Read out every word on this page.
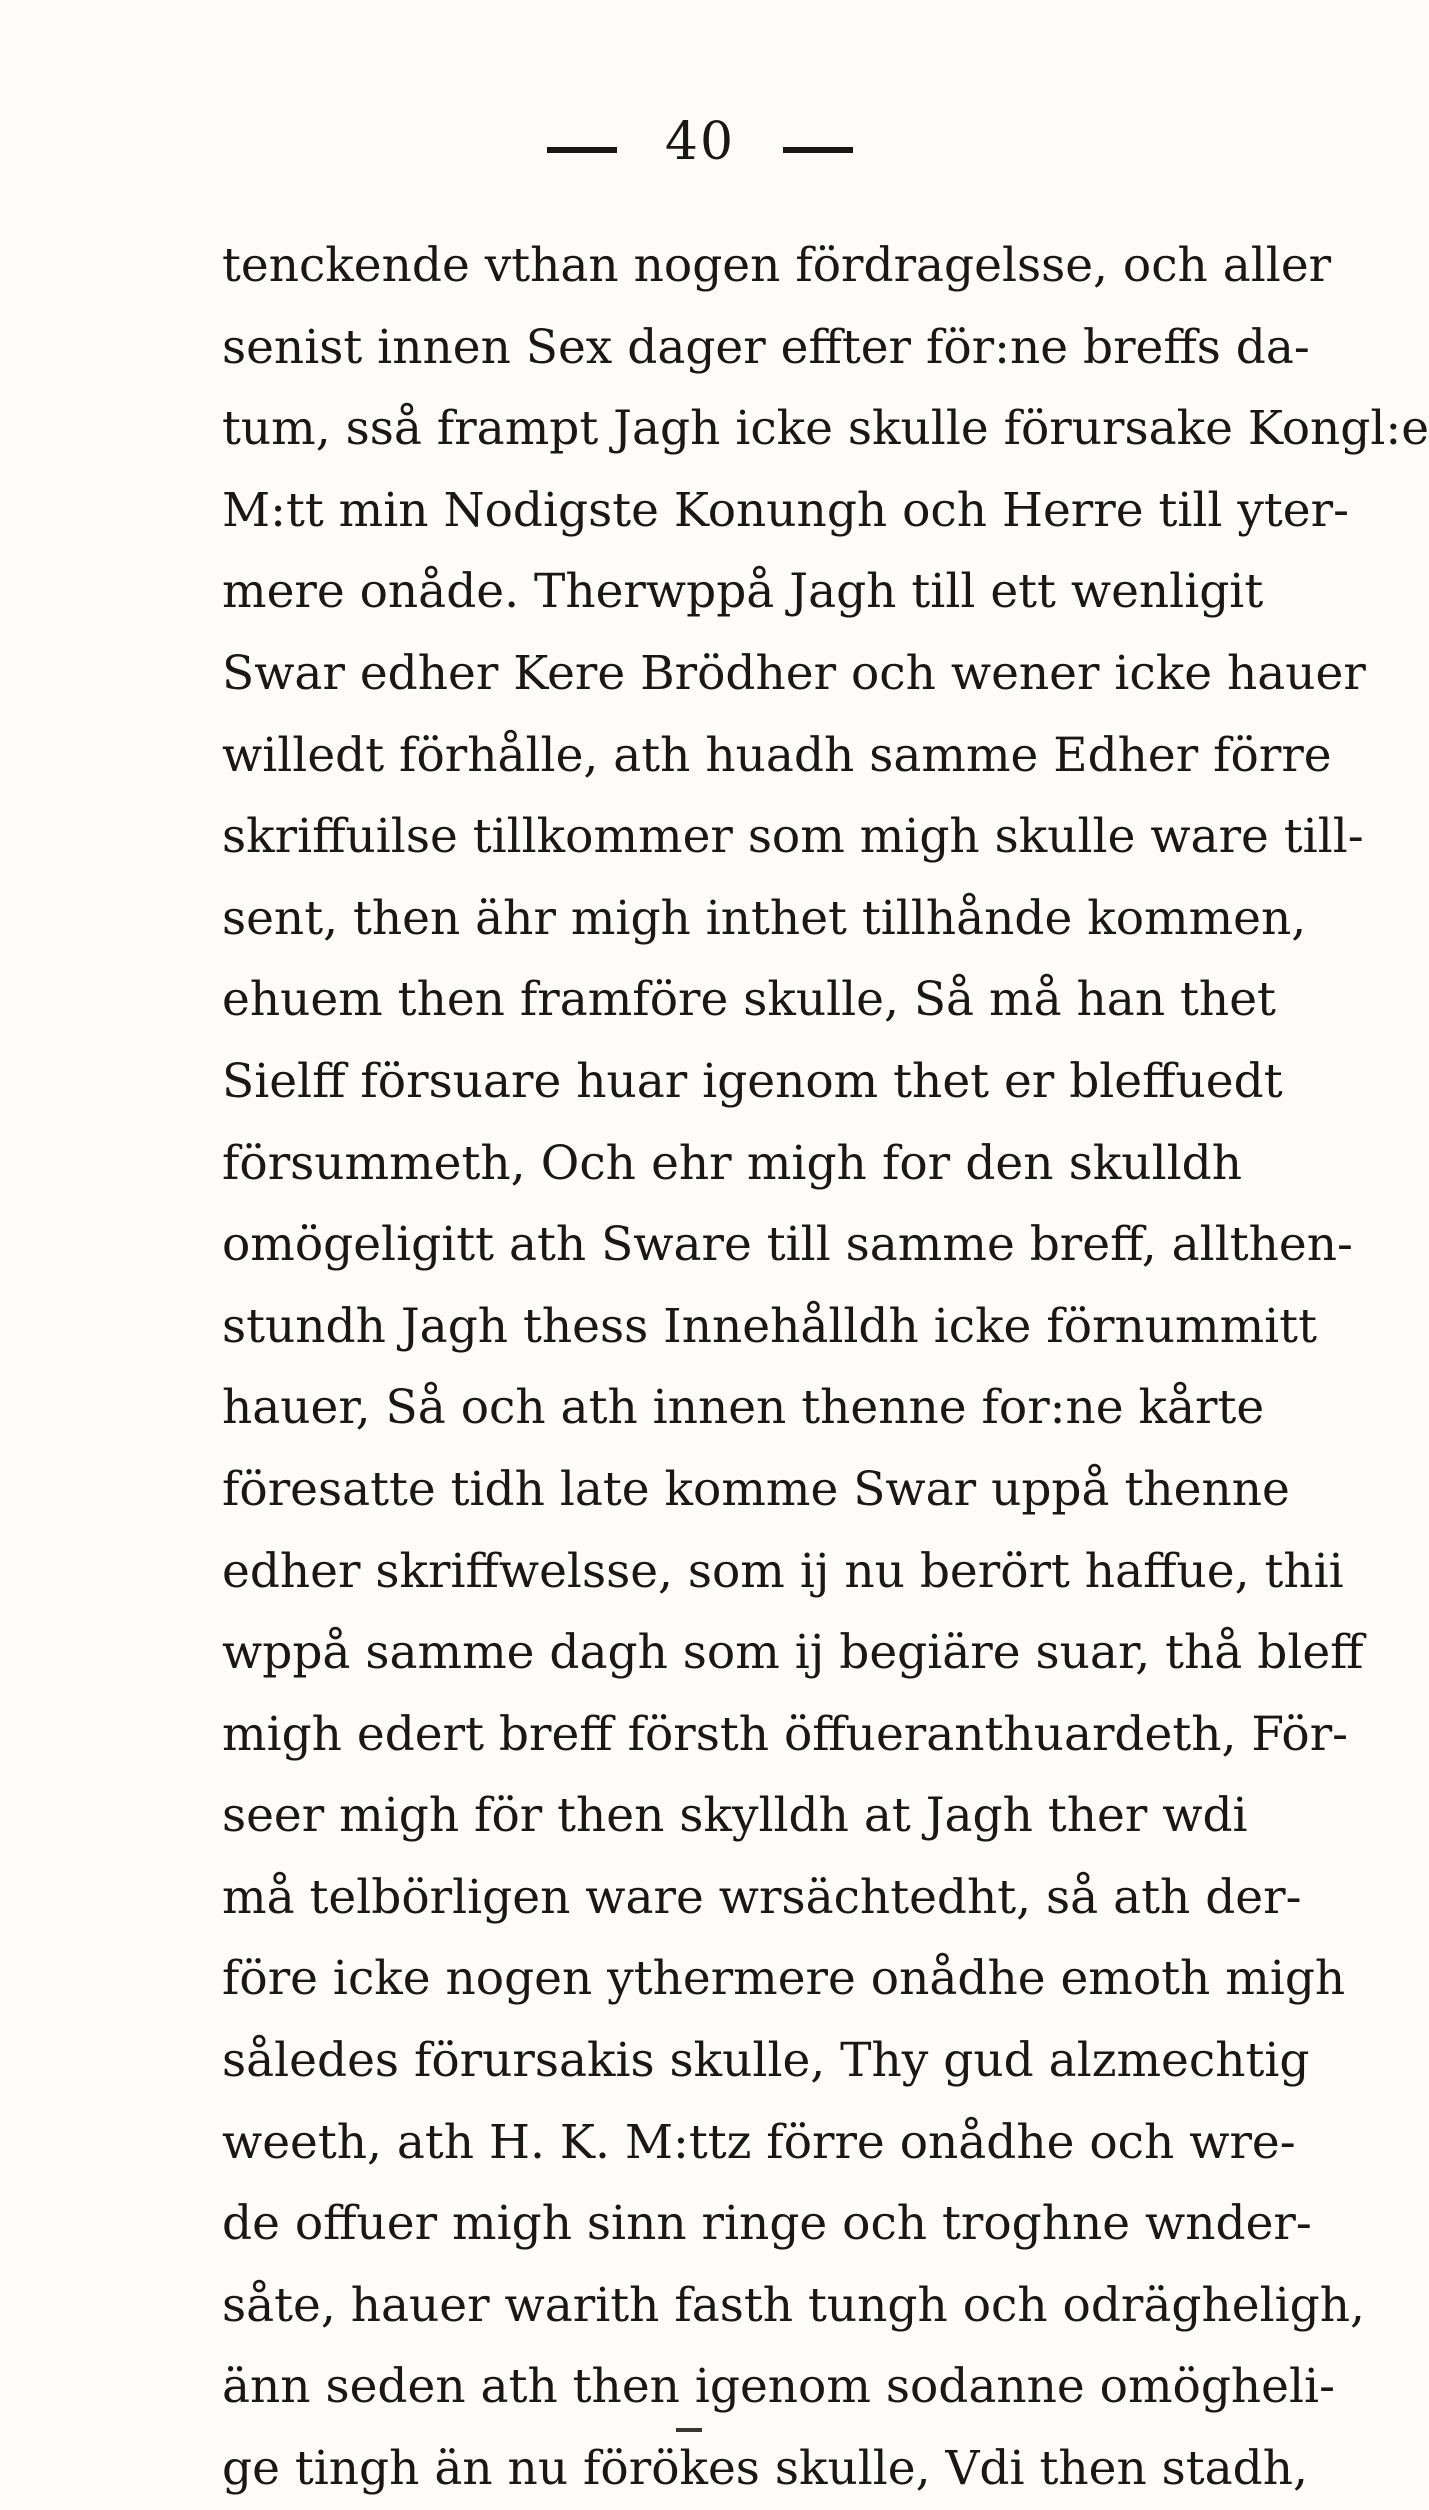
40
tenckende vthan nogen fördragelsse, och aller
senist innen Sex dager effter för:ne breffs da-
tum, sså frampt Jagh icke skulle förursake Kongl:e
M:tt min Nodigste Konungh och Herre till yter-
mere onåde. Therwppå Jagh till ett wenligit
Swar edher Kere Brödher och wener icke hauer
willedt förhålle, ath huadh samme Edher förre
skriffuilse tillkommer som migh skulle ware till-
sent, then ähr migh inthet tillhånde kommen,
ehuem then framföre skulle, Så må han thet
Sielff försuare huar igenom thet er bleffuedt
försummeth, Och ehr migh for den skulldh
omögeligitt ath Sware till samme breff, allthen-
stundh Jagh thess Innehålldh icke förnummitt
hauer, Så och ath innen thenne for:ne kårte
föresatte tidh late komme Swar uppå thenne
edher skriffwelsse, som ij nu berört haffue, thii
wppå samme dagh som ij begiäre suar, thå bleff
migh edert breff försth öffueranthuardeth, För-
seer migh för then skylldh at Jagh ther wdi
må telbörligen ware wrsächtedht, så ath der-
före icke nogen ythermere onådhe emoth migh
således förursakis skulle, Thy gud alzmechtig
weeth, ath H. K. M:ttz förre onådhe och wre-
de offuer migh sinn ringe och troghne wnder-
såte, hauer warith fasth tungh och odrägheligh,
änn seden ath then igenom sodanne omögheli-
ge tingh än nu förökes skulle, Vdi then stadh,
